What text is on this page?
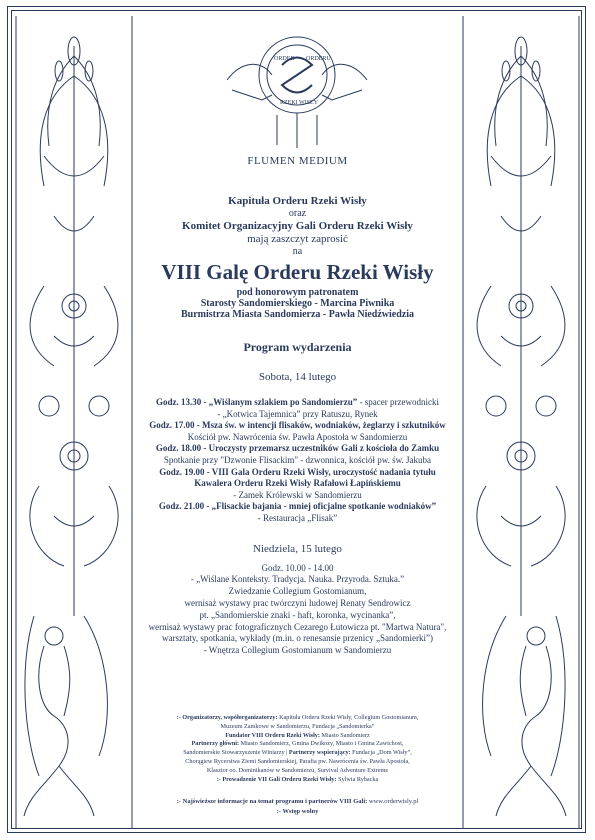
ORDER ORDERU
RZEKI WISŁY
FLUMEN MEDIUM
Kapituła Orderu Rzeki Wisły
oraz
Komitet Organizacyjny Gali Orderu Rzeki Wisły
mają zaszczyt zaprosić
na
VIII Galę Orderu Rzeki Wisły
pod honorowym patronatem
Starosty Sandomierskiego - Marcina Piwnika
Burmistrza Miasta Sandomierza - Pawła Niedźwiedzia
Program wydarzenia
Sobota, 14 lutego
Godz. 13.30 - „Wiślanym szlakiem po Sandomierzu” - spacer przewodnicki
- „Kotwica Tajemnica” przy Ratuszu, Rynek
Godz. 17.00 - Msza św. w intencji flisaków, wodniaków, żeglarzy i szkutników
Kościół pw. Nawrócenia św. Pawła Apostoła w Sandomierzu
Godz. 18.00 - Uroczysty przemarsz uczestników Gali z kościoła do Zamku
Spotkanie przy "Dzwonie Flisackim" - dzwonnica, kościół pw. św. Jakuba
Godz. 19.00 - VIII Gala Orderu Rzeki Wisły, uroczystość nadania tytułu
Kawalera Orderu Rzeki Wisły Rafałowi Łapińskiemu
- Zamek Królewski w Sandomierzu
Godz. 21.00 - „Flisackie bajania - mniej oficjalne spotkanie wodniaków”
- Restauracja „Flisak”
Niedziela, 15 lutego
Godz. 10.00 - 14.00
- „Wiślane Konteksty. Tradycja. Nauka. Przyroda. Sztuka.”
Zwiedzanie Collegium Gostomianum,
wernisaż wystawy prac twórczyni ludowej Renaty Sendrowicz
pt. „Sandomierskie znaki - haft, koronka, wycinanka”,
wernisaż wystawy prac fotograficznych Cezarego Łutowicza pt. "Martwa Natura",
warsztaty, spotkania, wykłady (m.in. o renesansie przenicy „Sandomierki”)
- Wnętrza Collegium Gostomianum w Sandomierzu
:- Organizatorzy, współorganizatorzy: Kapituła Orderu Rzeki Wisły, Collegium Gostomianum,
Muzeum Zamkowe w Sandomierzu, Fundacja „Sandomierka”
Fundator VIII Orderu Rzeki Wisły: Miasto Sandomierz
Partnerzy główni: Miasto Sandomierz, Gmina Dwikozy, Miasto i Gmina Zawichost,
Sandomierskie Stowarzyszenie Winiarzy | Partnerzy wspierający: Fundacja „Dom Wisły”,
Chorągiew Rycerstwa Ziemi Sandomierskiej, Parafia pw. Nawrócenia św. Pawła Apostoła,
Klasztor oo. Dominikanów w Sandomierzu, Survival Adventure Extreme
:- Prowadzenie VII Gali Orderu Rzeki Wisły: Sylwia Rybacka
:- Najświeższe informacje na temat programu i partnerów VIII Gali: www.orderwisly.pl
:- Wstęp wolny
